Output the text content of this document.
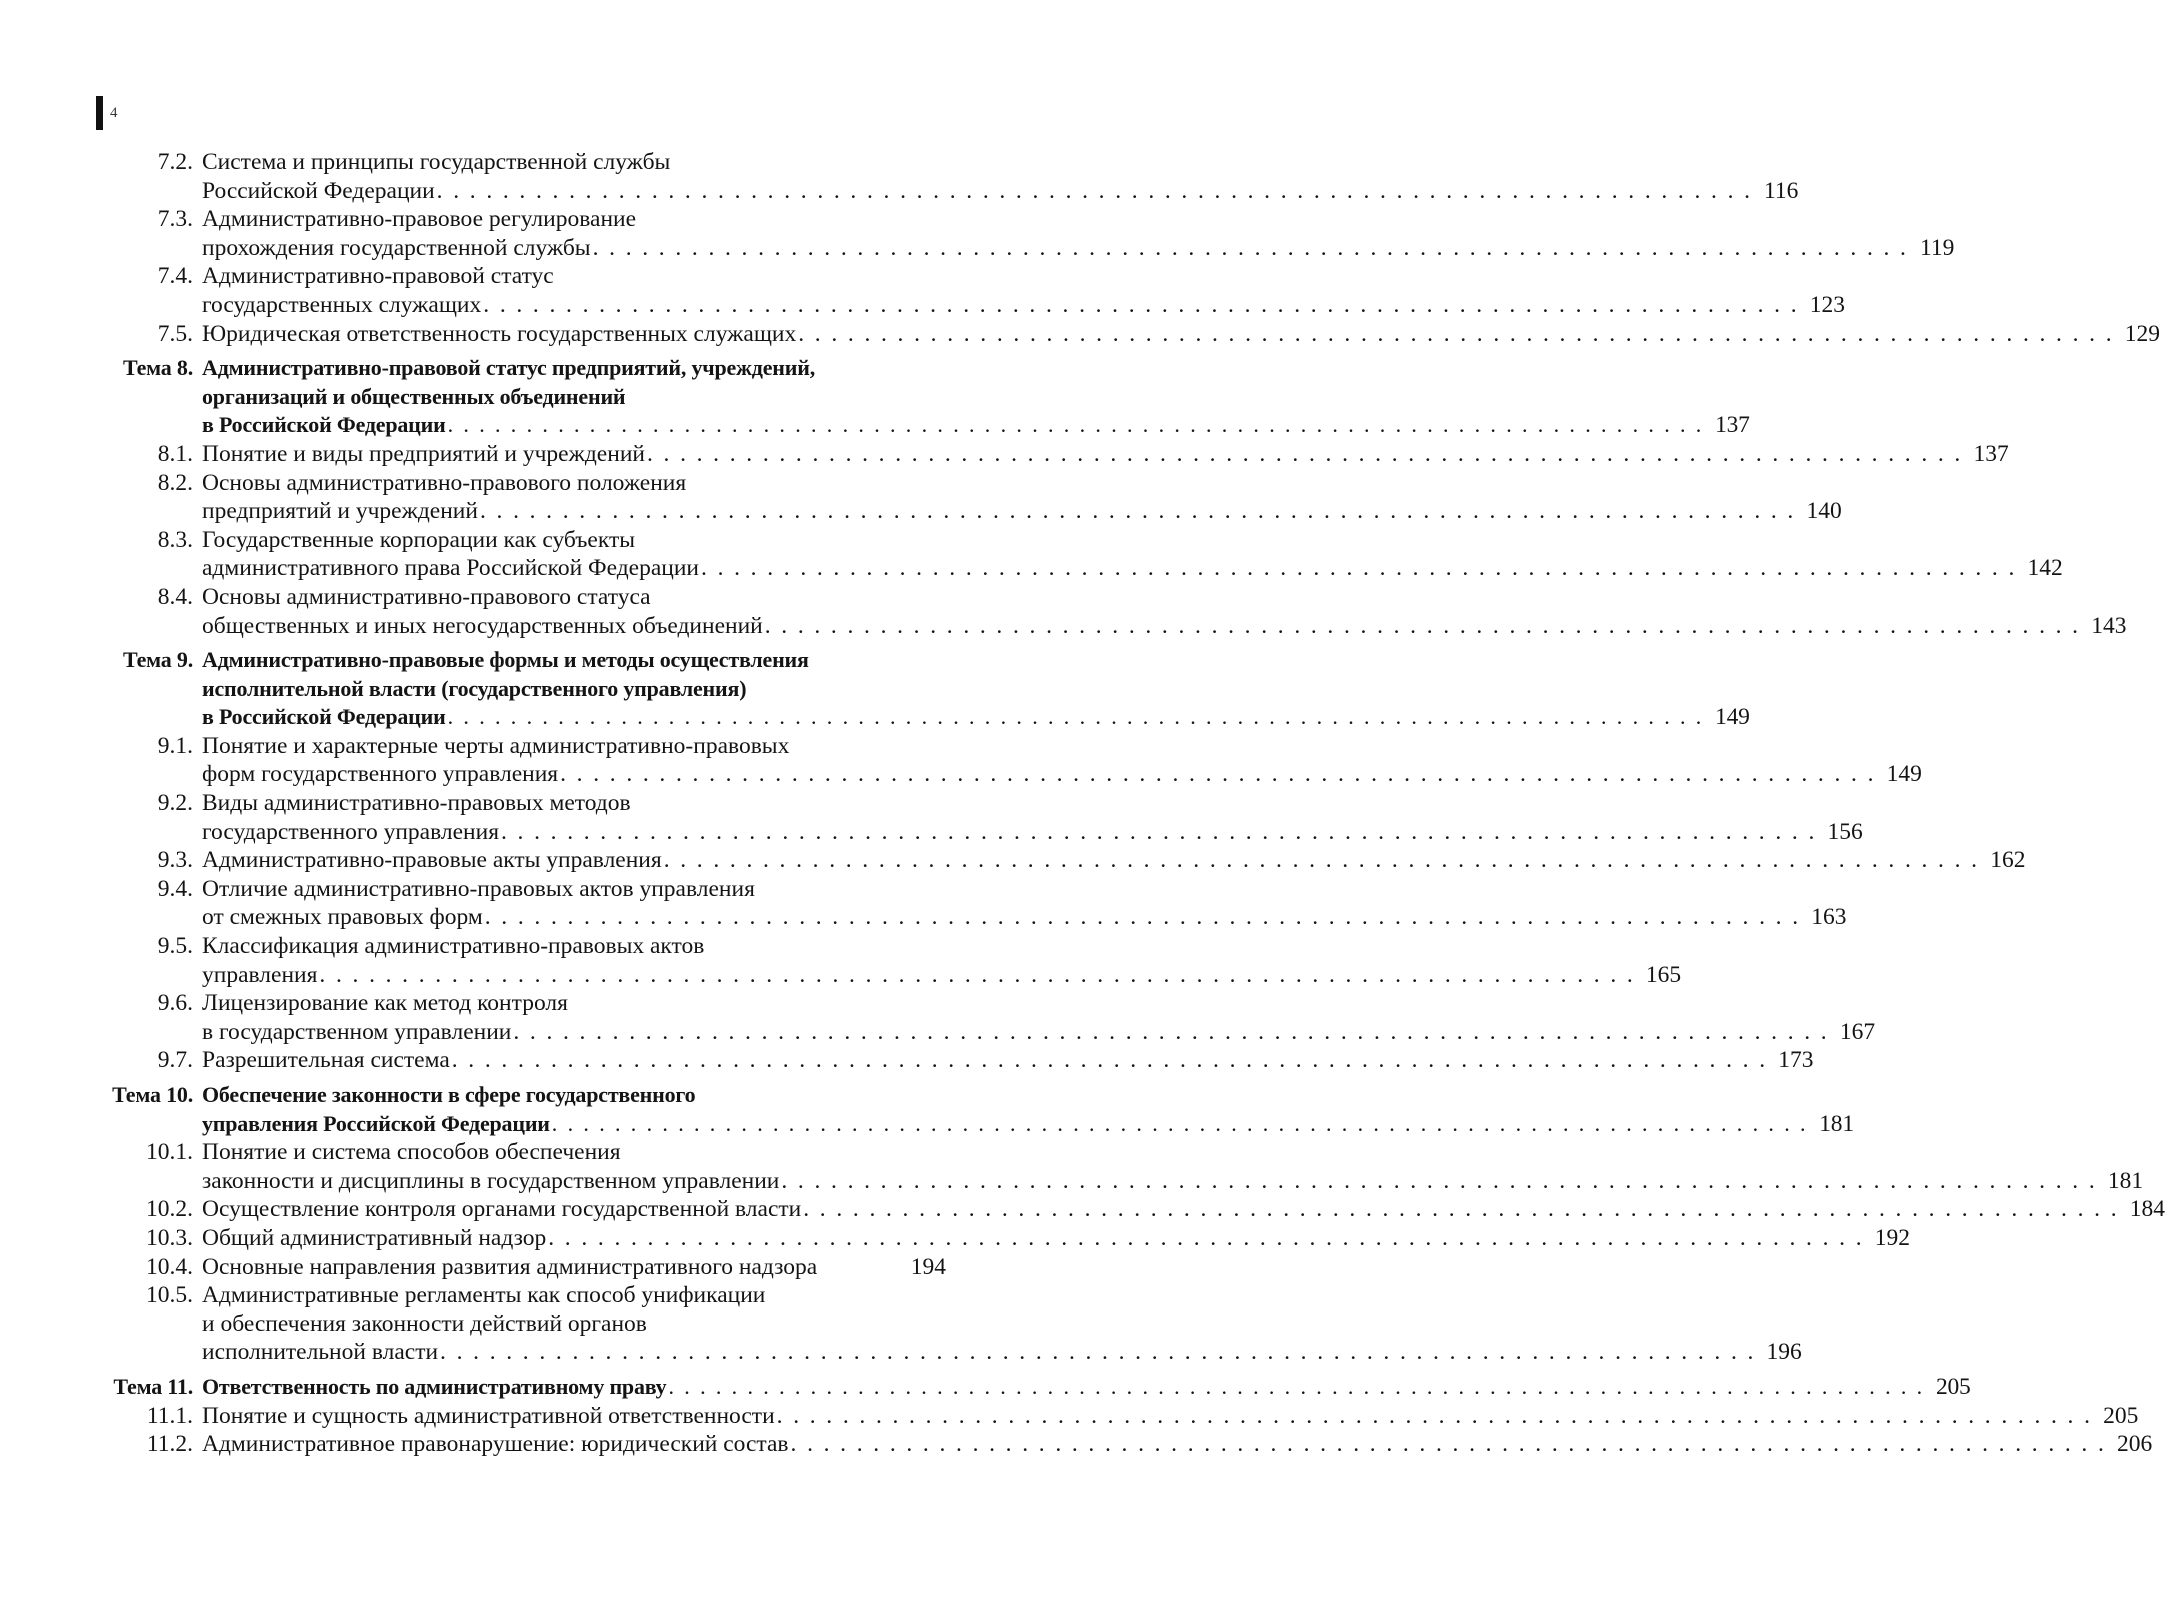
4
7.2. Система и принципы государственной службы
Российской Федерации . . . . . . . . . . . . . . . . . . . . . . . . . . . . . . . . . . . . . . . . . . . . . . . . . . . . . . . . . . . . . . . . . . . . . . . . . . . . . . . . 116
7.3. Административно-правовое регулирование
прохождения государственной службы . . . . . . . . . . . . . . . . . . . . . . . . . . . . . . . . . . . . . . . . . . . . . . . . . . . . . . . . . . . . . . . . . . . . . . . . . . . . . . . . 119
7.4. Административно-правовой статус
государственных служащих . . . . . . . . . . . . . . . . . . . . . . . . . . . . . . . . . . . . . . . . . . . . . . . . . . . . . . . . . . . . . . . . . . . . . . . . . . . . . . . . 123
7.5. Юридическая ответственность государственных служащих . . . . . . . . . . . . . . . . . . . . . . . . . . . . . . . . . . . . . . . . . . . . . . . . . . . . . . . . . . . . . . . . . . . . . . . . . . . . . . . . 129
Тема 8. Административно-правовой статус предприятий, учреждений,
организаций и общественных объединений
в Российской Федерации . . . . . . . . . . . . . . . . . . . . . . . . . . . . . . . . . . . . . . . . . . . . . . . . . . . . . . . . . . . . . . . . . . . . . . . . . . . . . . . . 137
8.1. Понятие и виды предприятий и учреждений . . . . . . . . . . . . . . . . . . . . . . . . . . . . . . . . . . . . . . . . . . . . . . . . . . . . . . . . . . . . . . . . . . . . . . . . . . . . . . . . 137
8.2. Основы административно-правового положения
предприятий и учреждений . . . . . . . . . . . . . . . . . . . . . . . . . . . . . . . . . . . . . . . . . . . . . . . . . . . . . . . . . . . . . . . . . . . . . . . . . . . . . . . . 140
8.3. Государственные корпорации как субъекты
административного права Российской Федерации . . . . . . . . . . . . . . . . . . . . . . . . . . . . . . . . . . . . . . . . . . . . . . . . . . . . . . . . . . . . . . . . . . . . . . . . . . . . . . . . 142
8.4. Основы административно-правового статуса
общественных и иных негосударственных объединений . . . . . . . . . . . . . . . . . . . . . . . . . . . . . . . . . . . . . . . . . . . . . . . . . . . . . . . . . . . . . . . . . . . . . . . . . . . . . . . . 143
Тема 9. Административно-правовые формы и методы осуществления
исполнительной власти (государственного управления)
в Российской Федерации . . . . . . . . . . . . . . . . . . . . . . . . . . . . . . . . . . . . . . . . . . . . . . . . . . . . . . . . . . . . . . . . . . . . . . . . . . . . . . . . 149
9.1. Понятие и характерные черты административно-правовых
форм государственного управления . . . . . . . . . . . . . . . . . . . . . . . . . . . . . . . . . . . . . . . . . . . . . . . . . . . . . . . . . . . . . . . . . . . . . . . . . . . . . . . . 149
9.2. Виды административно-правовых методов
государственного управления . . . . . . . . . . . . . . . . . . . . . . . . . . . . . . . . . . . . . . . . . . . . . . . . . . . . . . . . . . . . . . . . . . . . . . . . . . . . . . . . 156
9.3. Административно-правовые акты управления . . . . . . . . . . . . . . . . . . . . . . . . . . . . . . . . . . . . . . . . . . . . . . . . . . . . . . . . . . . . . . . . . . . . . . . . . . . . . . . . 162
9.4. Отличие административно-правовых актов управления
от смежных правовых форм . . . . . . . . . . . . . . . . . . . . . . . . . . . . . . . . . . . . . . . . . . . . . . . . . . . . . . . . . . . . . . . . . . . . . . . . . . . . . . . . 163
9.5. Классификация административно-правовых актов
управления . . . . . . . . . . . . . . . . . . . . . . . . . . . . . . . . . . . . . . . . . . . . . . . . . . . . . . . . . . . . . . . . . . . . . . . . . . . . . . . . 165
9.6. Лицензирование как метод контроля
в государственном управлении . . . . . . . . . . . . . . . . . . . . . . . . . . . . . . . . . . . . . . . . . . . . . . . . . . . . . . . . . . . . . . . . . . . . . . . . . . . . . . . . 167
9.7. Разрешительная система . . . . . . . . . . . . . . . . . . . . . . . . . . . . . . . . . . . . . . . . . . . . . . . . . . . . . . . . . . . . . . . . . . . . . . . . . . . . . . . . 173
Тема 10. Обеспечение законности в сфере государственного
управления Российской Федерации . . . . . . . . . . . . . . . . . . . . . . . . . . . . . . . . . . . . . . . . . . . . . . . . . . . . . . . . . . . . . . . . . . . . . . . . . . . . . . . . 181
10.1. Понятие и система способов обеспечения
законности и дисциплины в государственном управлении . . . . . . . . . . . . . . . . . . . . . . . . . . . . . . . . . . . . . . . . . . . . . . . . . . . . . . . . . . . . . . . . . . . . . . . . . . . . . . . . 181
10.2. Осуществление контроля органами государственной власти . . . . . . . . . . . . . . . . . . . . . . . . . . . . . . . . . . . . . . . . . . . . . . . . . . . . . . . . . . . . . . . . . . . . . . . . . . . . . . . . 184
10.3. Общий административный надзор . . . . . . . . . . . . . . . . . . . . . . . . . . . . . . . . . . . . . . . . . . . . . . . . . . . . . . . . . . . . . . . . . . . . . . . . . . . . . . . . 192
10.4. Основные направления развития административного надзора	194
10.5. Административные регламенты как способ унификации
и обеспечения законности действий органов
исполнительной власти . . . . . . . . . . . . . . . . . . . . . . . . . . . . . . . . . . . . . . . . . . . . . . . . . . . . . . . . . . . . . . . . . . . . . . . . . . . . . . . . 196
Тема 11. Ответственность по административному праву . . . . . . . . . . . . . . . . . . . . . . . . . . . . . . . . . . . . . . . . . . . . . . . . . . . . . . . . . . . . . . . . . . . . . . . . . . . . . . . . 205
11.1. Понятие и сущность административной ответственности . . . . . . . . . . . . . . . . . . . . . . . . . . . . . . . . . . . . . . . . . . . . . . . . . . . . . . . . . . . . . . . . . . . . . . . . . . . . . . . . 205
11.2. Административное правонарушение: юридический состав . . . . . . . . . . . . . . . . . . . . . . . . . . . . . . . . . . . . . . . . . . . . . . . . . . . . . . . . . . . . . . . . . . . . . . . . . . . . . . . . 206
